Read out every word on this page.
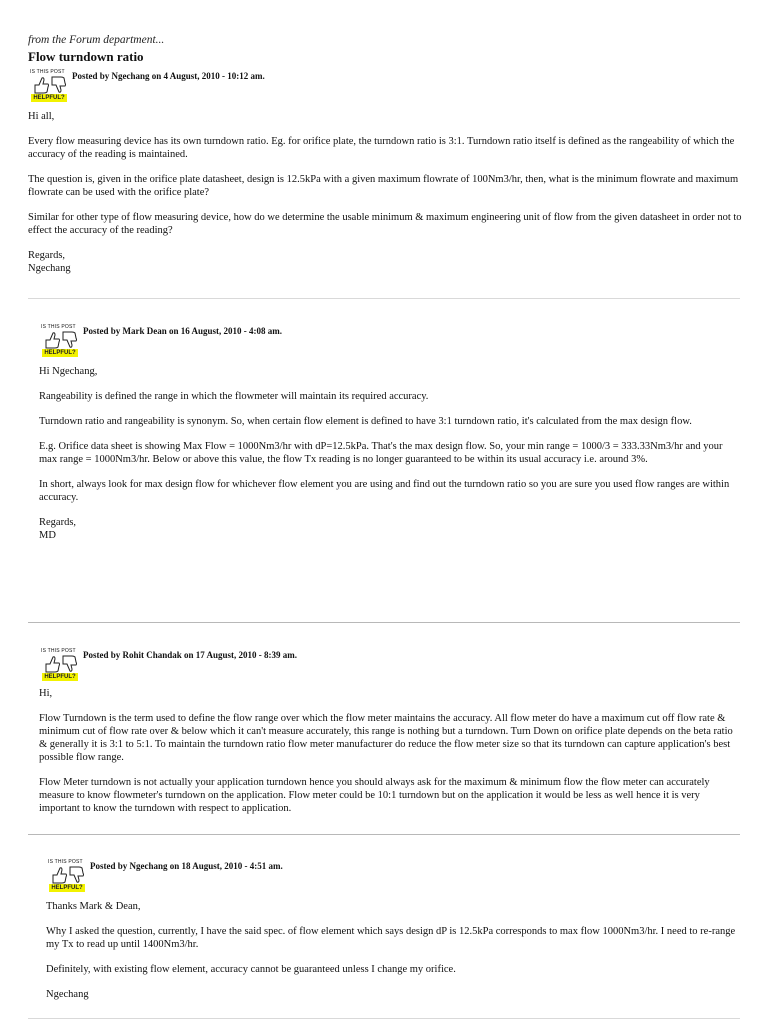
from the Forum department...
Flow turndown ratio
IS THIS POST
HELPFUL?
Posted by Ngechang on 4 August, 2010 - 10:12 am.

Hi all,

Every flow measuring device has its own turndown ratio. Eg. for orifice plate, the turndown ratio is 3:1. Turndown ratio itself is defined as the rangeability of which the accuracy of the reading is maintained.

The question is, given in the orifice plate datasheet, design is 12.5kPa with a given maximum flowrate of 100Nm3/hr, then, what is the minimum flowrate and maximum flowrate can be used with the orifice plate?

Similar for other type of flow measuring device, how do we determine the usable minimum & maximum engineering unit of flow from the given datasheet in order not to effect the accuracy of the reading?

Regards,
Ngechang

IS THIS POST
HELPFUL?
Posted by Mark Dean on 16 August, 2010 - 4:08 am.

Hi Ngechang,

Rangeability is defined the range in which the flowmeter will maintain its required accuracy.

Turndown ratio and rangeability is synonym. So, when certain flow element is defined to have 3:1 turndown ratio, it's calculated from the max design flow.

E.g. Orifice data sheet is showing Max Flow = 1000Nm3/hr with dP=12.5kPa. That's the max design flow. So, your min range = 1000/3 = 333.33Nm3/hr and your max range = 1000Nm3/hr. Below or above this value, the flow Tx reading is no longer guaranteed to be within its usual accuracy i.e. around 3%.

In short, always look for max design flow for whichever flow element you are using and find out the turndown ratio so you are sure you used flow ranges are within accuracy.

Regards,
MD

IS THIS POST
HELPFUL?
Posted by Rohit Chandak on 17 August, 2010 - 8:39 am.

Hi,

Flow Turndown is the term used to define the flow range over which the flow meter maintains the accuracy. All flow meter do have a maximum cut off flow rate & minimum cut of flow rate over & below which it can't measure accurately, this range is nothing but a turndown. Turn Down on orifice plate depends on the beta ratio & generally it is 3:1 to 5:1. To maintain the turndown ratio flow meter manufacturer do reduce the flow meter size so that its turndown can capture application's best possible flow range.

Flow Meter turndown is not actually your application turndown hence you should always ask for the maximum & minimum flow the flow meter can accurately measure to know flowmeter's turndown on the application. Flow meter could be 10:1 turndown but on the application it would be less as well hence it is very important to know the turndown with respect to application.

IS THIS POST
HELPFUL?
Posted by Ngechang on 18 August, 2010 - 4:51 am.

Thanks Mark & Dean,

Why I asked the question, currently, I have the said spec. of flow element which says design dP is 12.5kPa corresponds to max flow 1000Nm3/hr. I need to re-range my Tx to read up until 1400Nm3/hr.

Definitely, with existing flow element, accuracy cannot be guaranteed unless I change my orifice.

Ngechang
